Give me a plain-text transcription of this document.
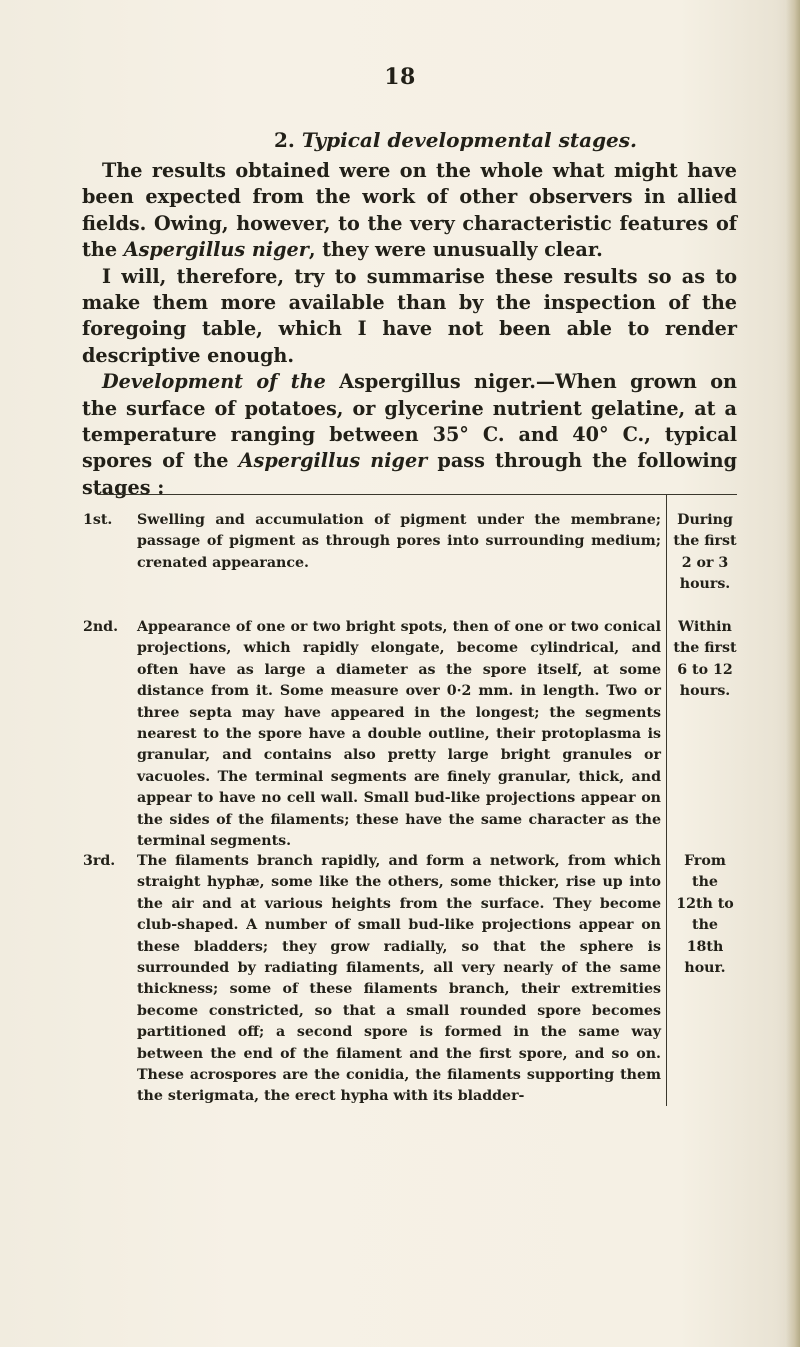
18
2. Typical developmental stages.

The results obtained were on the whole what might have been expected from the work of other observers in allied fields. Owing, however, to the very characteristic features of the Aspergillus niger, they were unusually clear.

I will, therefore, try to summarise these results so as to make them more available than by the inspection of the foregoing table, which I have not been able to render descriptive enough.

Development of the Aspergillus niger.—When grown on the surface of potatoes, or glycerine nutrient gelatine, at a temperature ranging between 35° C. and 40° C., typical spores of the Aspergillus niger pass through the following stages :

1st. Swelling and accumulation of pigment under the membrane; passage of pigment as through pores into surrounding medium; crenated appearance.
During the first 2 or 3 hours.
2nd. Appearance of one or two bright spots, then of one or two conical projections, which rapidly elongate, become cylindrical, and often have as large a diameter as the spore itself, at some distance from it. Some measure over 0·2 mm. in length. Two or three septa may have appeared in the longest; the segments nearest to the spore have a double outline, their protoplasma is granular, and contains also pretty large bright granules or vacuoles. The terminal segments are finely granular, thick, and appear to have no cell wall. Small bud-like projections appear on the sides of the filaments; these have the same character as the terminal segments.
Within the first 6 to 12 hours.
3rd. The filaments branch rapidly, and form a network, from which straight hyphæ, some like the others, some thicker, rise up into the air and at various heights from the surface. They become club-shaped. A number of small bud-like projections appear on these bladders; they grow radially, so that the sphere is surrounded by radiating filaments, all very nearly of the same thickness; some of these filaments branch, their extremities become constricted, so that a small rounded spore becomes partitioned off; a second spore is formed in the same way between the end of the filament and the first spore, and so on. These acrospores are the conidia, the filaments supporting them the sterigmata, the erect hypha with its bladder-
From the 12th to the 18th hour.
